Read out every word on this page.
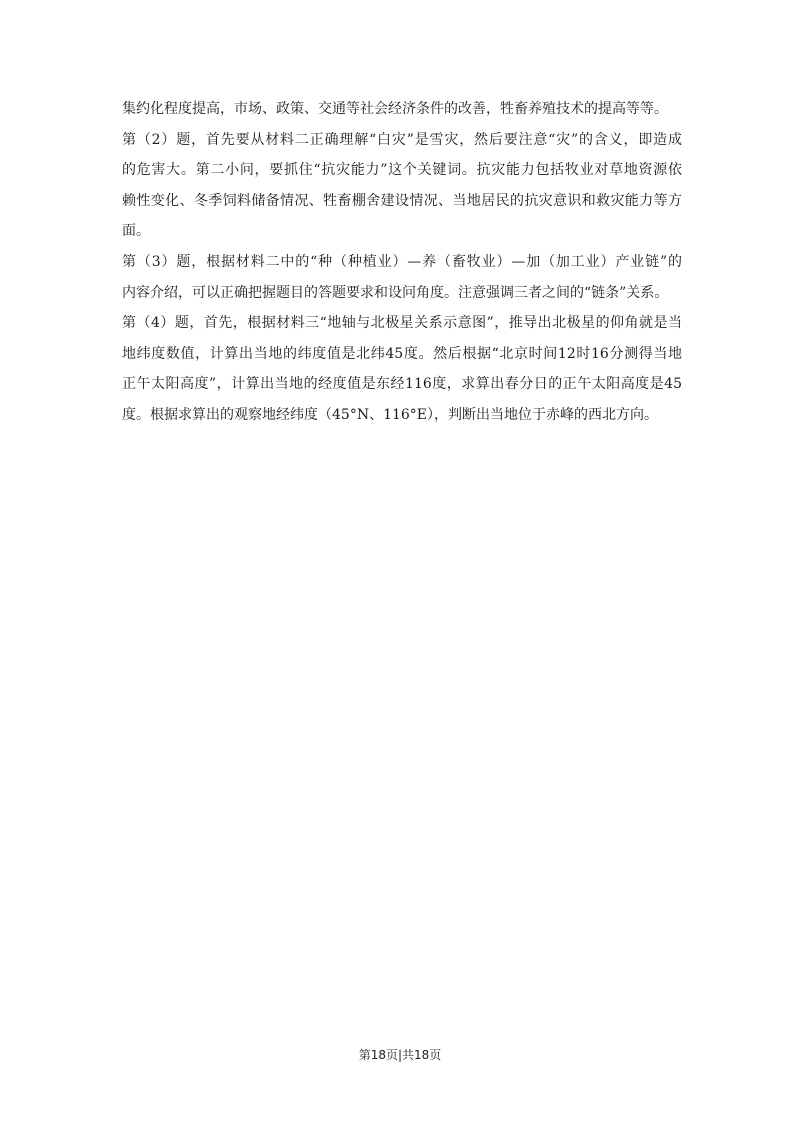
集约化程度提高，市场、政策、交通等社会经济条件的改善，牲畜养殖技术的提高等等。
第（2）题，首先要从材料二正确理解“白灾”是雪灾，然后要注意“灾”的含义，即造成
的危害大。第二小问，要抓住“抗灾能力”这个关键词。抗灾能力包括牧业对草地资源依
赖性变化、冬季饲料储备情况、牲畜棚舍建设情况、当地居民的抗灾意识和救灾能力等方
面。
第（3）题，根据材料二中的“种（种植业）—养（畜牧业）—加（加工业）产业链”的
内容介绍，可以正确把握题目的答题要求和设问角度。注意强调三者之间的“链条”关系。
第（4）题，首先，根据材料三“地轴与北极星关系示意图”，推导出北极星的仰角就是当
地纬度数值，计算出当地的纬度值是北纬45度。然后根据“北京时间12时16分测得当地
正午太阳高度”，计算出当地的经度值是东经116度，求算出春分日的正午太阳高度是45
度。根据求算出的观察地经纬度（45°N、116°E），判断出当地位于赤峰的西北方向。
第18页|共18页
